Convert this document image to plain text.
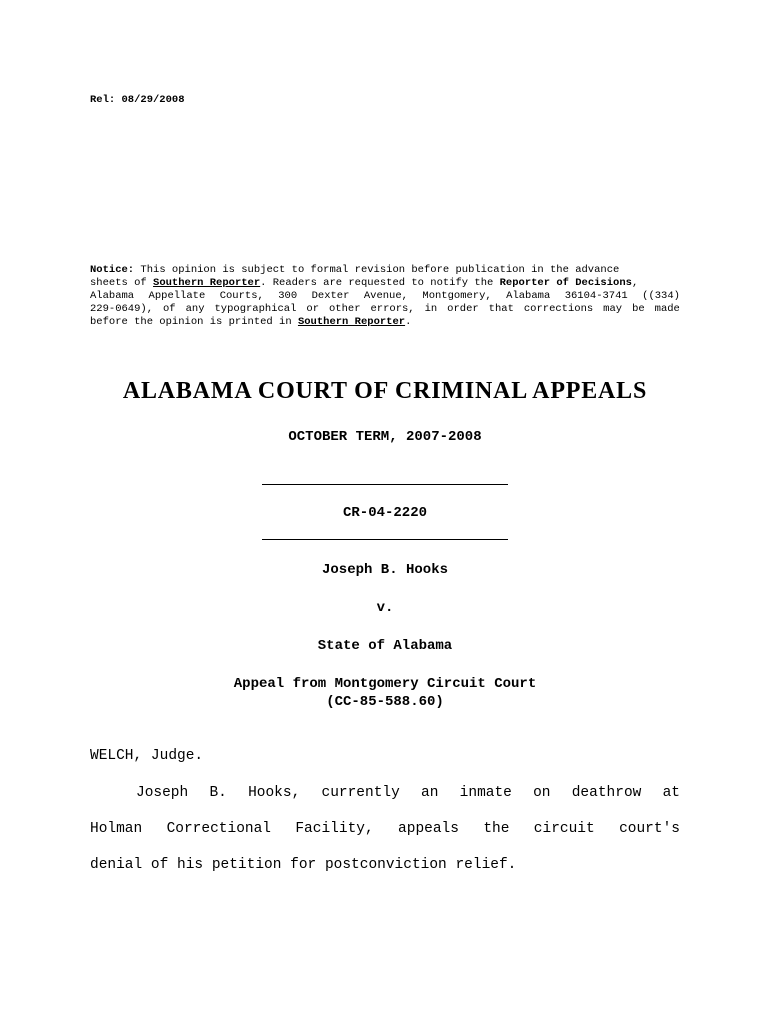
Rel: 08/29/2008
Notice: This opinion is subject to formal revision before publication in the advance
sheets of Southern Reporter. Readers are requested to notify the Reporter of Decisions,
Alabama Appellate Courts, 300 Dexter Avenue, Montgomery, Alabama 36104-3741 ((334)
229-0649), of any typographical or other errors, in order that corrections may be made
before the opinion is printed in
Southern Reporter .
ALABAMA COURT OF CRIMINAL APPEALS
OCTOBER TERM, 2007-2008
CR-04-2220
Joseph B. Hooks
v.
State of Alabama
Appeal from Montgomery Circuit Court
(CC-85-588.60)
WELCH, Judge.
Joseph B. Hooks, currently an inmate on deathrow at
Holman Correctional Facility, appeals the circuit court's
denial of his petition for postconviction relief.
